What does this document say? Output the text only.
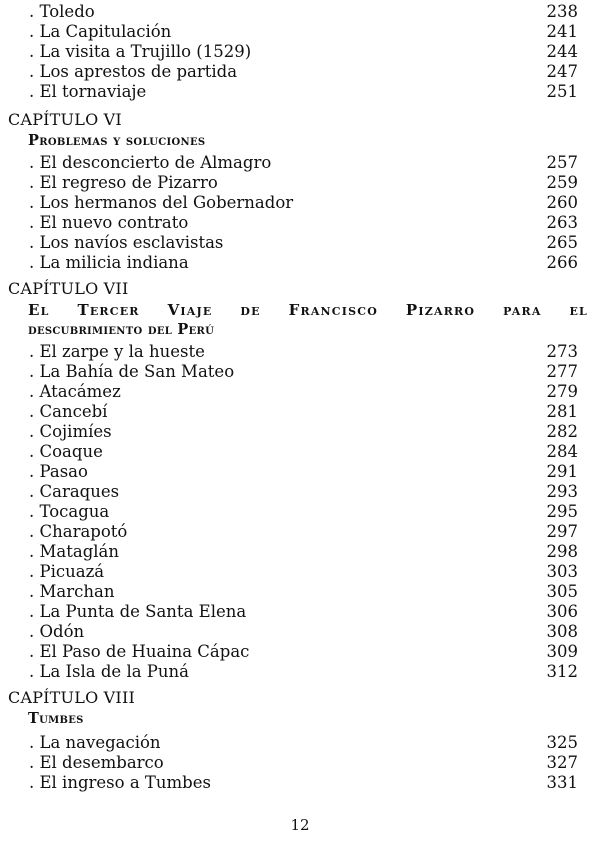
. Toledo	238
. La Capitulación	241
. La visita a Trujillo (1529)	244
. Los aprestos de partida	247
. El tornaviaje	251
CAPÍTULO VI
Problemas y soluciones
. El desconcierto de Almagro	257
. El regreso de Pizarro	259
. Los hermanos del Gobernador	260
. El nuevo contrato	263
. Los navíos esclavistas	265
. La milicia indiana	266
CAPÍTULO VII
El Tercer Viaje de Francisco Pizarro para el
descubrimiento del Perú
. El zarpe y la hueste	273
. La Bahía de San Mateo	277
. Atacámez	279
. Cancebí	281
. Cojimíes	282
. Coaque	284
. Pasao	291
. Caraques	293
. Tocagua	295
. Charapotó	297
. Mataglán	298
. Picuazá	303
. Marchan	305
. La Punta de Santa Elena	306
. Odón	308
. El Paso de Huaina Cápac	309
. La Isla de la Puná	312
CAPÍTULO VIII
Tumbes
. La navegación	325
. El desembarco	327
. El ingreso a Tumbes	331
12
